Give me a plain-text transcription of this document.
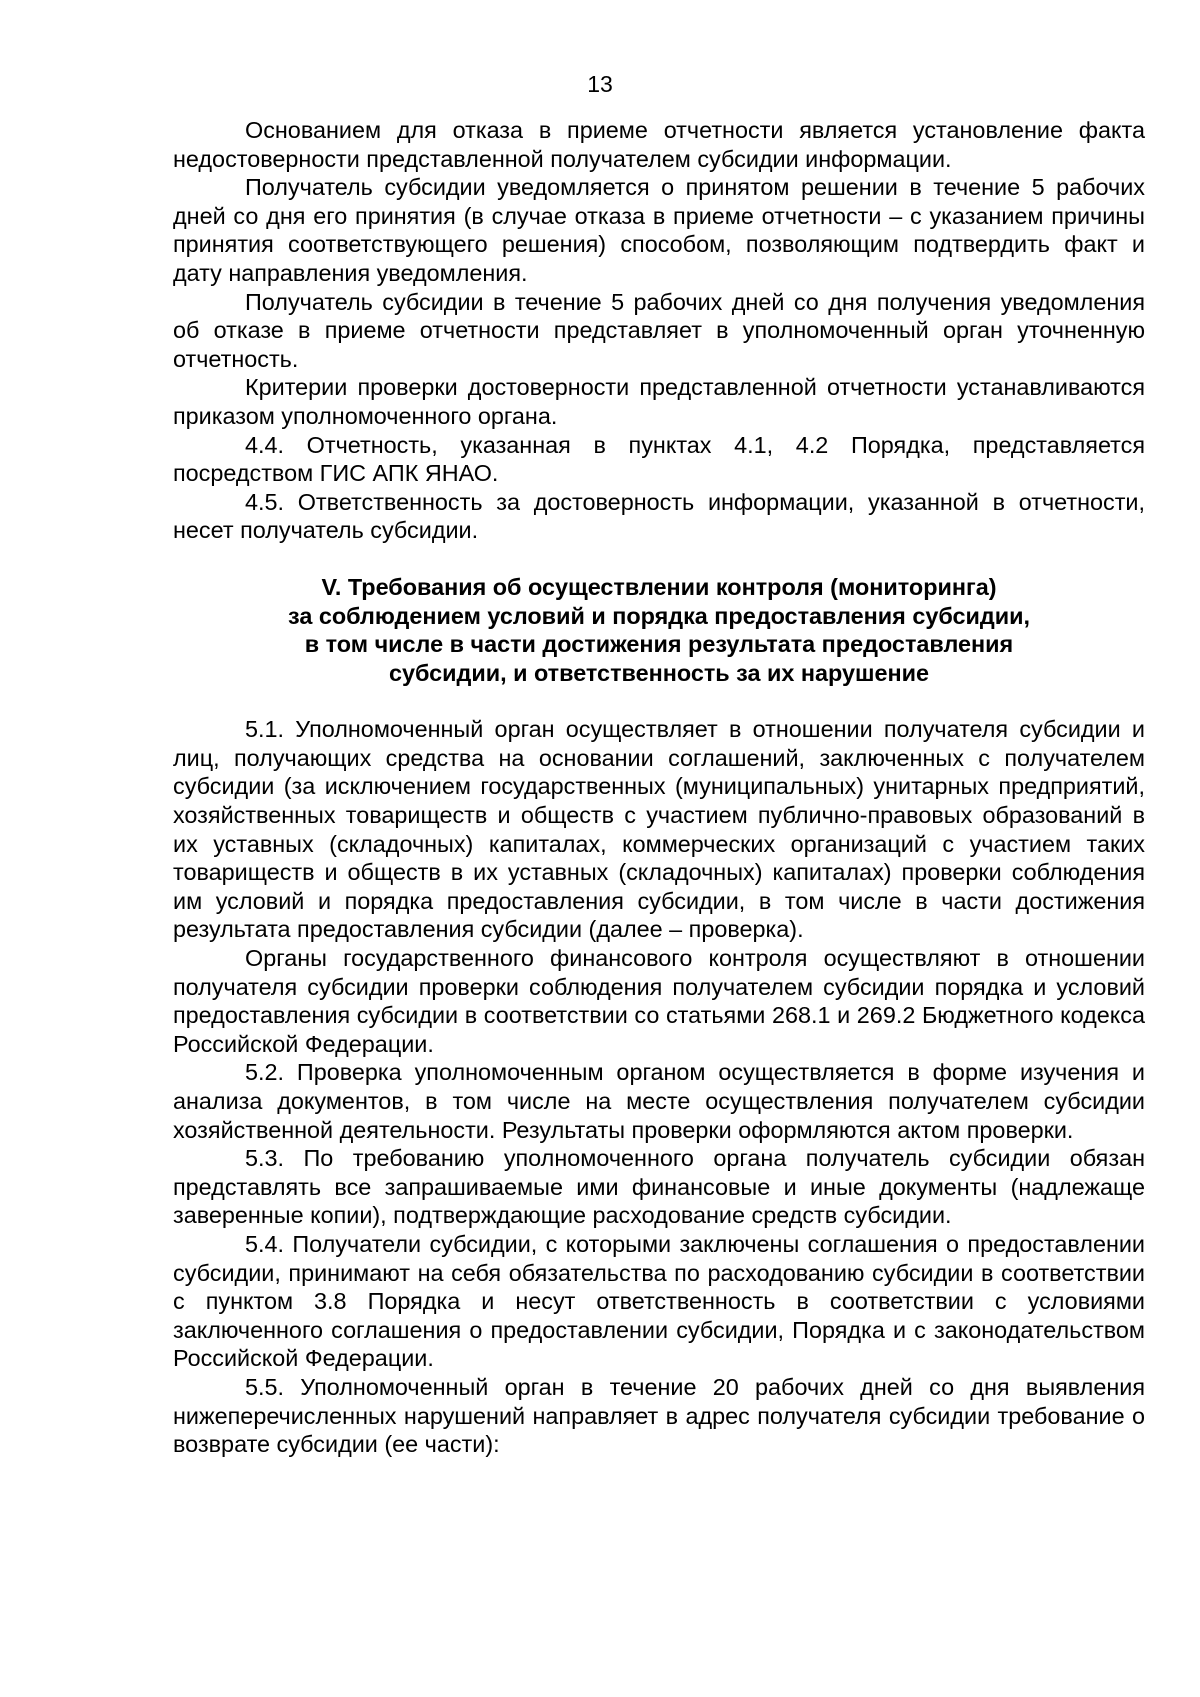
13

Основанием для отказа в приеме отчетности является установление факта недостоверности представленной получателем субсидии информации.

Получатель субсидии уведомляется о принятом решении в течение 5 рабочих дней со дня его принятия (в случае отказа в приеме отчетности – с указанием причины принятия соответствующего решения) способом, позволяющим подтвердить факт и дату направления уведомления.

Получатель субсидии в течение 5 рабочих дней со дня получения уведомления об отказе в приеме отчетности представляет в уполномоченный орган уточненную отчетность.

Критерии проверки достоверности представленной отчетности устанавливаются приказом уполномоченного органа.

4.4. Отчетность, указанная в пунктах 4.1, 4.2 Порядка, представляется посредством ГИС АПК ЯНАО.

4.5. Ответственность за достоверность информации, указанной в отчетности, несет получатель субсидии.

V. Требования об осуществлении контроля (мониторинга)
за соблюдением условий и порядка предоставления субсидии,
в том числе в части достижения результата предоставления
субсидии, и ответственность за их нарушение

5.1. Уполномоченный орган осуществляет в отношении получателя субсидии и лиц, получающих средства на основании соглашений, заключенных с получателем субсидии (за исключением государственных (муниципальных) унитарных предприятий, хозяйственных товариществ и обществ с участием публично-правовых образований в их уставных (складочных) капиталах, коммерческих организаций с участием таких товариществ и обществ в их уставных (складочных) капиталах) проверки соблюдения им условий и порядка предоставления субсидии, в том числе в части достижения результата предоставления субсидии (далее – проверка).

Органы государственного финансового контроля осуществляют в отношении получателя субсидии проверки соблюдения получателем субсидии порядка и условий предоставления субсидии в соответствии со статьями 268.1 и 269.2 Бюджетного кодекса Российской Федерации.

5.2. Проверка уполномоченным органом осуществляется в форме изучения и анализа документов, в том числе на месте осуществления получателем субсидии хозяйственной деятельности. Результаты проверки оформляются актом проверки.

5.3. По требованию уполномоченного органа получатель субсидии обязан представлять все запрашиваемые ими финансовые и иные документы (надлежаще заверенные копии), подтверждающие расходование средств субсидии.

5.4. Получатели субсидии, с которыми заключены соглашения о предоставлении субсидии, принимают на себя обязательства по расходованию субсидии в соответствии с пунктом 3.8 Порядка и несут ответственность в соответствии с условиями заключенного соглашения о предоставлении субсидии, Порядка и с законодательством Российской Федерации.

5.5. Уполномоченный орган в течение 20 рабочих дней со дня выявления нижеперечисленных нарушений направляет в адрес получателя субсидии требование о возврате субсидии (ее части):
